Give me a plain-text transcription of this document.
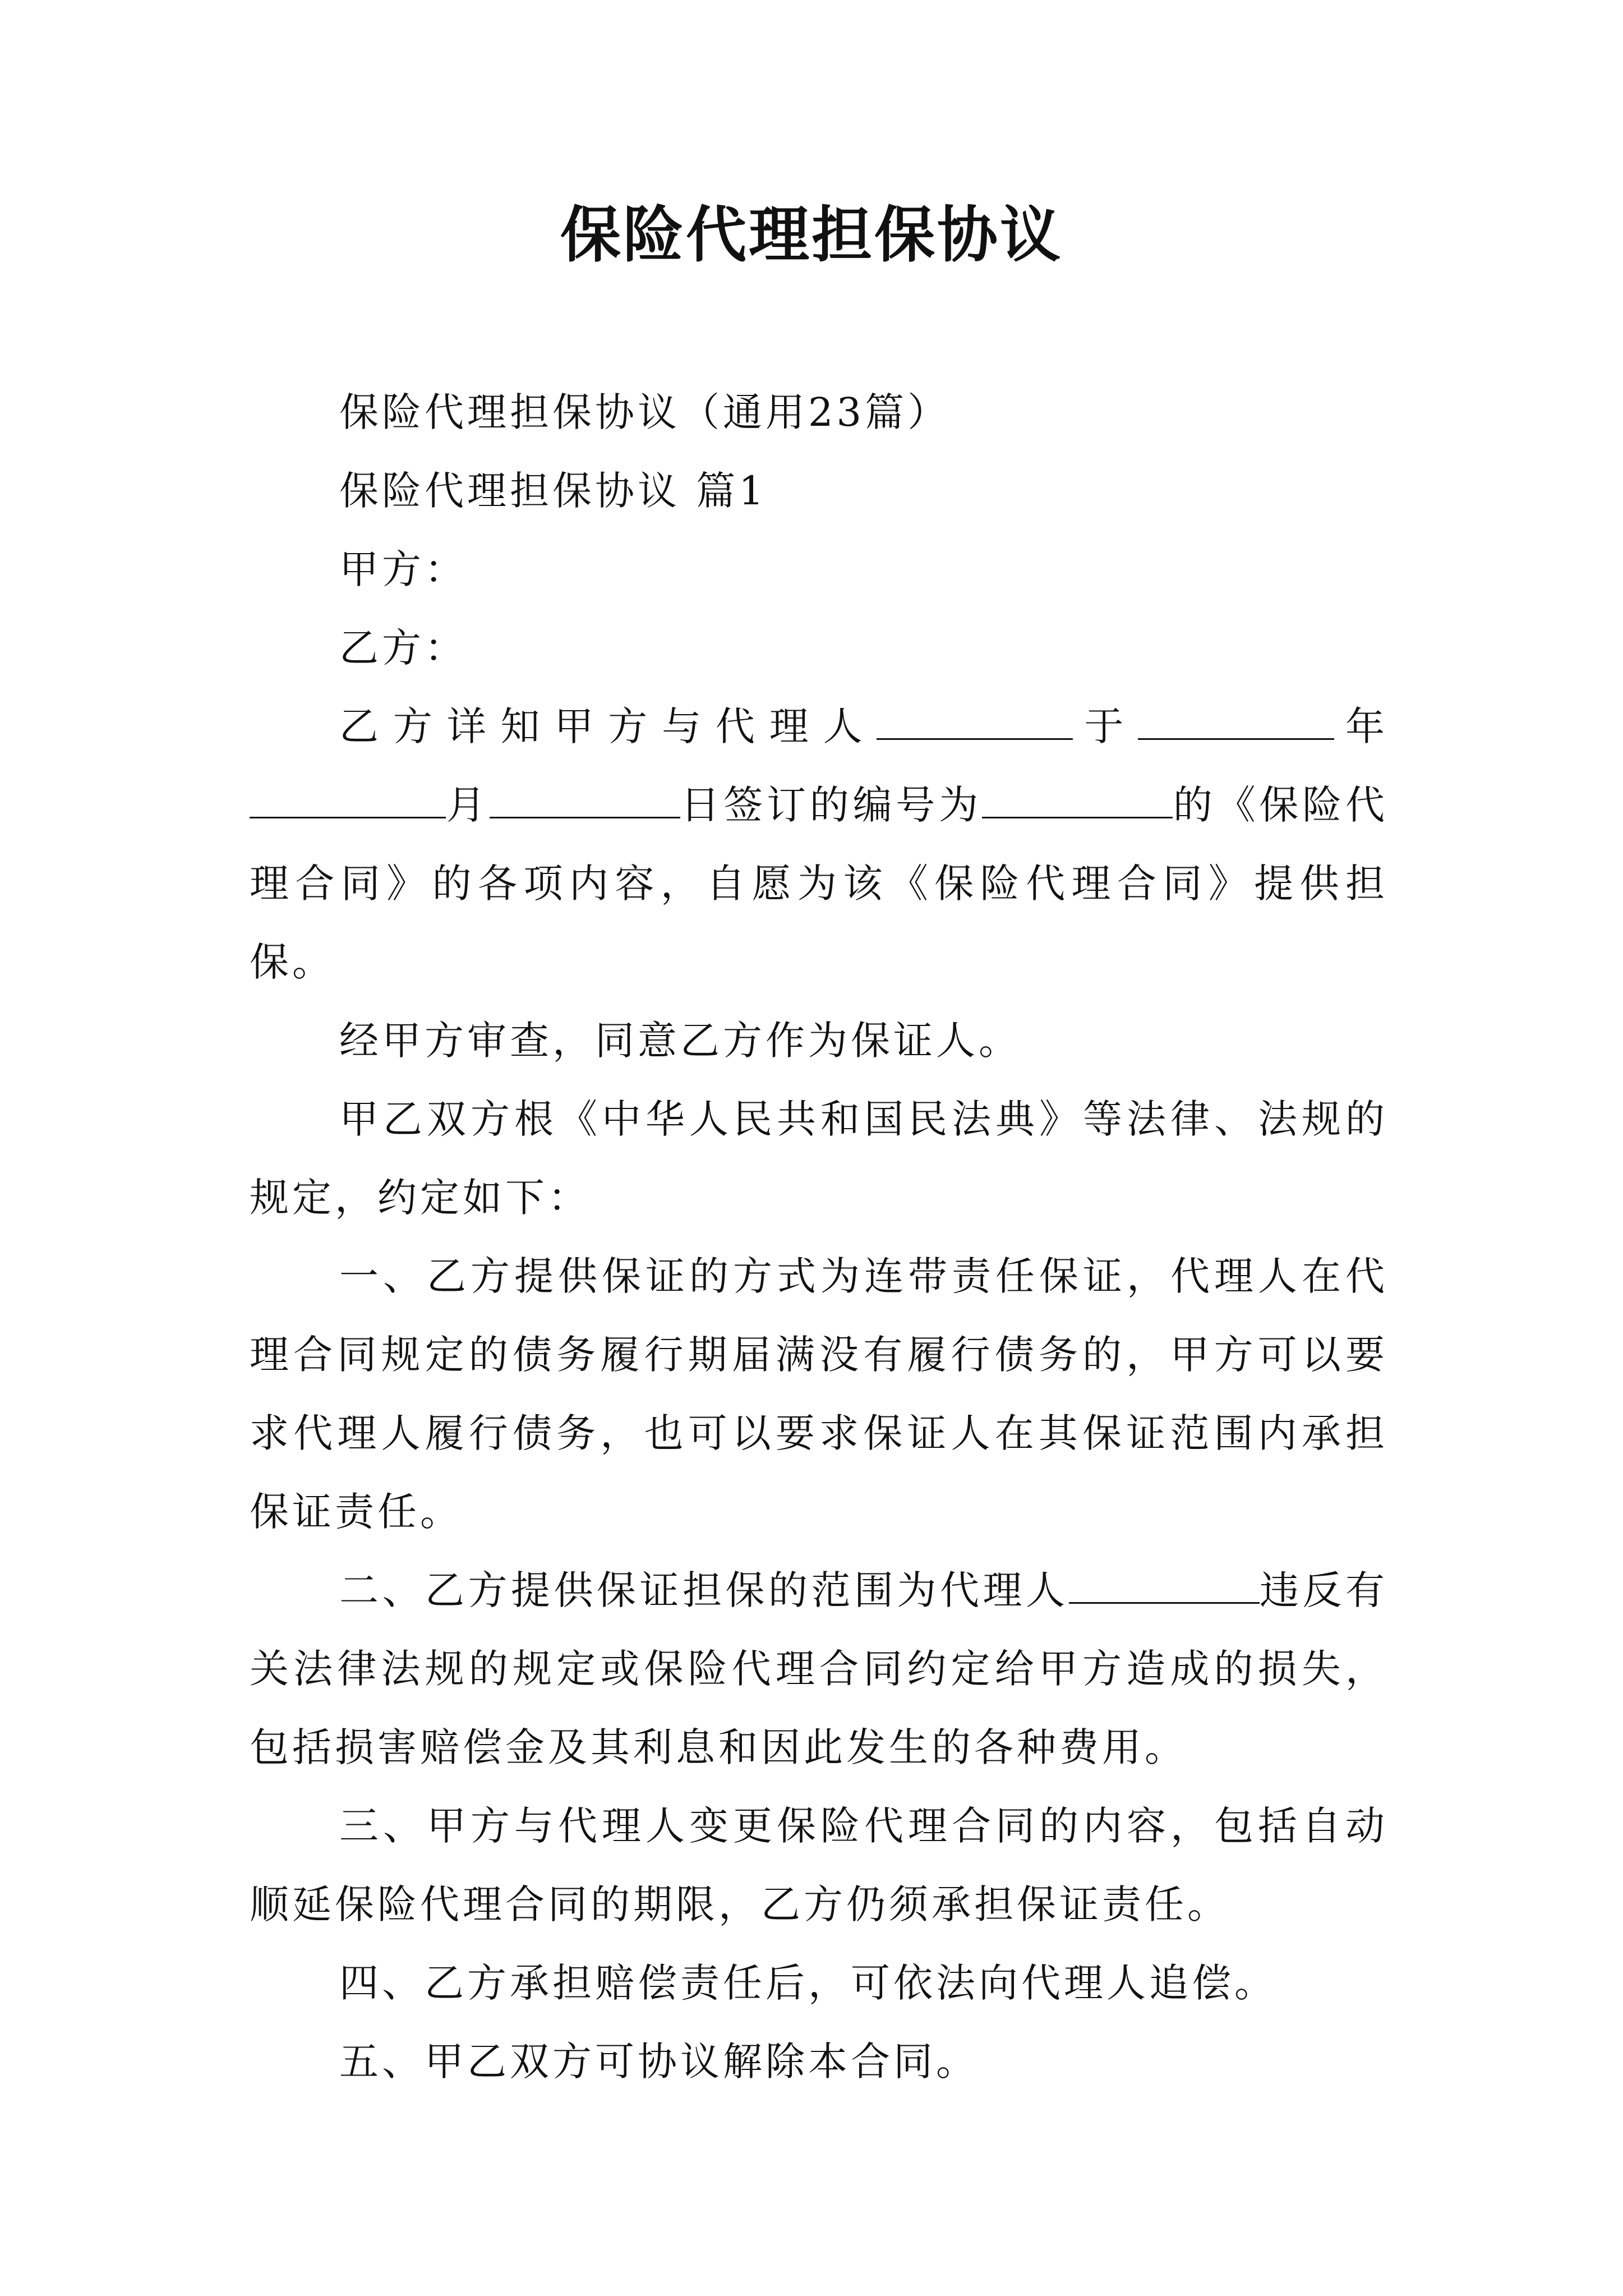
保险代理担保协议

保险代理担保协议（通用23篇）

保险代理担保协议 篇1

甲方：

乙方：

乙方详知甲方与代理人	于	年月	日签订的编号为	的《保险代理合同》的各项内容，自愿为该《保险代理合同》提供担保。

经甲方审查，同意乙方作为保证人。

甲乙双方根《中华人民共和国民法典》等法律、法规的规定，约定如下：

一、乙方提供保证的方式为连带责任保证，代理人在代理合同规定的债务履行期届满没有履行债务的，甲方可以要求代理人履行债务，也可以要求保证人在其保证范围内承担保证责任。

二、乙方提供保证担保的范围为代理人	违反有关法律法规的规定或保险代理合同约定给甲方造成的损失，包括损害赔偿金及其利息和因此发生的各种费用。

三、甲方与代理人变更保险代理合同的内容，包括自动顺延保险代理合同的期限，乙方仍须承担保证责任。

四、乙方承担赔偿责任后，可依法向代理人追偿。

五、甲乙双方可协议解除本合同。
